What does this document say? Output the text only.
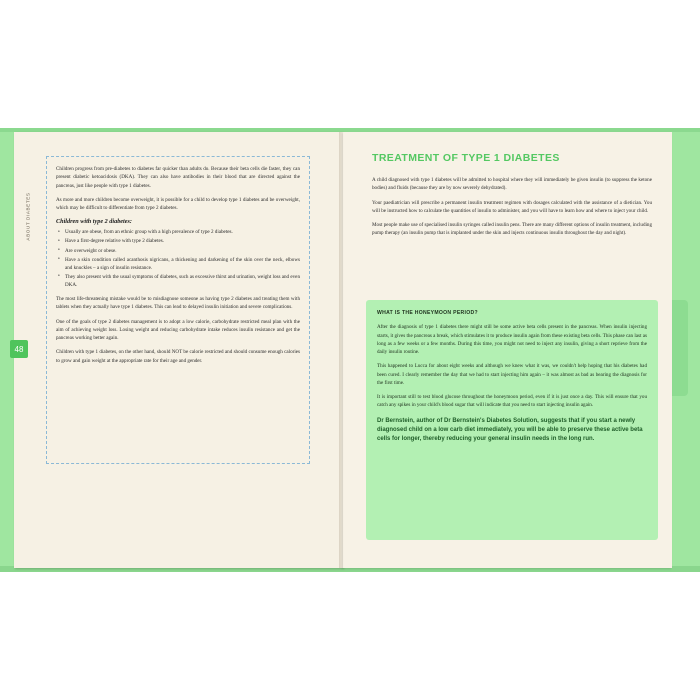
ABOUT DIABETES
48

Children progress from pre-diabetes to diabetes far quicker than adults do. Because their beta cells die faster, they can present diabetic ketoacidosis (DKA). They can also have antibodies in their blood that are directed against the pancreas, just like people with type 1 diabetes.

As more and more children become overweight, it is possible for a child to develop type 1 diabetes and be overweight, which may be difficult to differentiate from type 2 diabetes.

Children with type 2 diabetes:

• Usually are obese, from an ethnic group with a high prevalence of type 2 diabetes.
• Have a first-degree relative with type 2 diabetes.
• Are overweight or obese.
• Have a skin condition called acanthosis nigricans, a thickening and darkening of the skin over the neck, elbows and knuckles – a sign of insulin resistance.
• They also present with the usual symptoms of diabetes, such as excessive thirst and urination, weight loss and even DKA.

The most life-threatening mistake would be to misdiagnose someone as having type 2 diabetes and treating them with tablets when they actually have type 1 diabetes. This can lead to delayed insulin initiation and severe complications.

One of the goals of type 2 diabetes management is to adopt a low calorie, carbohydrate restricted meal plan with the aim of achieving weight loss. Losing weight and reducing carbohydrate intake reduces insulin resistance and get the pancreas working better again.

Children with type 1 diabetes, on the other hand, should NOT be calorie restricted and should consume enough calories to grow and gain weight at the appropriate rate for their age and gender.

TREATMENT OF TYPE 1 DIABETES

A child diagnosed with type 1 diabetes will be admitted to hospital where they will immediately be given insulin (to suppress the ketone bodies) and fluids (because they are by now severely dehydrated).

Your paediatrician will prescribe a permanent insulin treatment regimen with dosages calculated with the assistance of a dietician. You will be instructed how to calculate the quantities of insulin to administer, and you will have to learn how and where to inject your child.

Most people make use of specialised insulin syringes called insulin pens. There are many different options of insulin treatment, including pump therapy (an insulin pump that is implanted under the skin and injects continuous insulin throughout the day and night).

WHAT IS THE HONEYMOON PERIOD?

After the diagnosis of type 1 diabetes there might still be some active beta cells present in the pancreas. When insulin injecting starts, it gives the pancreas a break, which stimulates it to produce insulin again from these existing beta cells. This phase can last as long as a few weeks or a few months. During this time, you might not need to inject any insulin, giving a short reprieve from the daily insulin routine.

This happened to Lucca for about eight weeks and although we knew what it was, we couldn't help hoping that his diabetes had been cured. I clearly remember the day that we had to start injecting him again – it was almost as bad as bearing the diagnosis for the first time.

It is important still to test blood glucose throughout the honeymoon period, even if it is just once a day. This will ensure that you catch any spikes in your child's blood sugar that will indicate that you need to start injecting insulin again.

Dr Bernstein, author of Dr Bernstein's Diabetes Solution, suggests that if you start a newly diagnosed child on a low carb diet immediately, you will be able to preserve these active beta cells for longer, thereby reducing your general insulin needs in the long run.
